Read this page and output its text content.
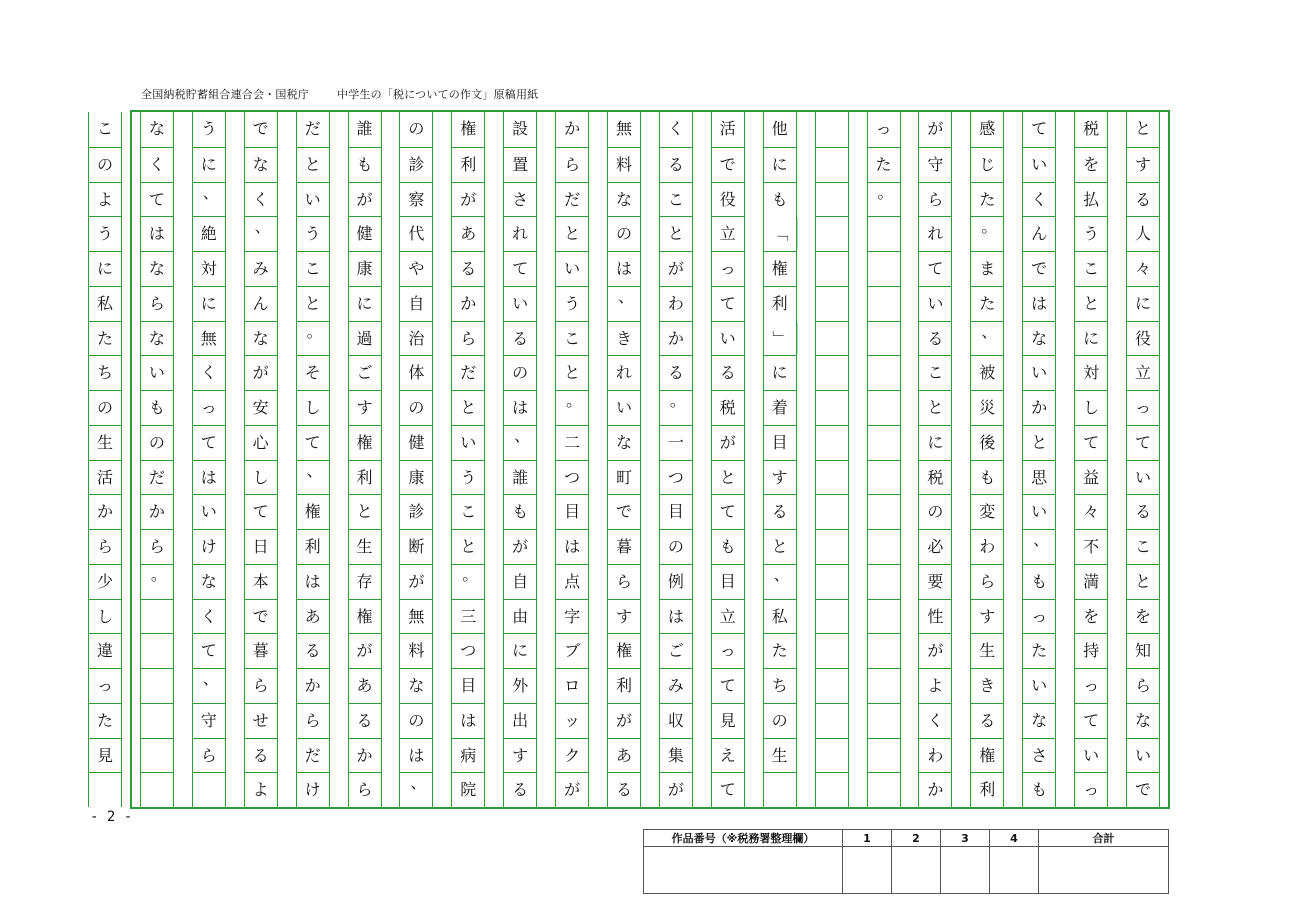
全国納税貯蓄組合連合会・国税庁	中学生の「税についての作文」原稿用紙
と
す
る
人
々
に
役
立
っ
て
い
る
こ
と
を
知
ら
な
い
で
税
を
払
う
こ
と
に
対
し
て
益
々
不
満
を
持
っ
て
い
っ
て
い
く
ん
で
は
な
い
か
と
思
い
、
も
っ
た
い
な
さ
も
感
じ
た
。
ま
た
、
被
災
後
も
変
わ
ら
す
生
き
る
権
利
が
守
ら
れ
て
い
る
こ
と
に
税
の
必
要
性
が
よ
く
わ
か
っ
た
。
他
に
も
「
権
利
」
に
着
目
す
る
と
、
私
た
ち
の
生
活
で
役
立
っ
て
い
る
税
が
と
て
も
目
立
っ
て
見
え
て
く
る
こ
と
が
わ
か
る
。
一
つ
目
の
例
は
ご
み
収
集
が
無
料
な
の
は
、
き
れ
い
な
町
で
暮
ら
す
権
利
が
あ
る
か
ら
だ
と
い
う
こ
と
。
二
つ
目
は
点
字
ブ
ロ
ッ
ク
が
設
置
さ
れ
て
い
る
の
は
、
誰
も
が
自
由
に
外
出
す
る
権
利
が
あ
る
か
ら
だ
と
い
う
こ
と
。
三
つ
目
は
病
院
の
診
察
代
や
自
治
体
の
健
康
診
断
が
無
料
な
の
は
、
誰
も
が
健
康
に
過
ご
す
権
利
と
生
存
権
が
あ
る
か
ら
だ
と
い
う
こ
と
。
そ
し
て
、
権
利
は
あ
る
か
ら
だ
け
で
な
く
、
み
ん
な
が
安
心
し
て
日
本
で
暮
ら
せ
る
よ
う
に
、
絶
対
に
無
く
っ
て
は
い
け
な
く
て
、
守
ら
な
く
て
は
な
ら
な
い
も
の
だ
か
ら
。
こ
の
よ
う
に
私
た
ち
の
生
活
か
ら
少
し
違
っ
た
見
- 2 -
作品番号（※税務署整理欄）	1	2	3	4	合計
